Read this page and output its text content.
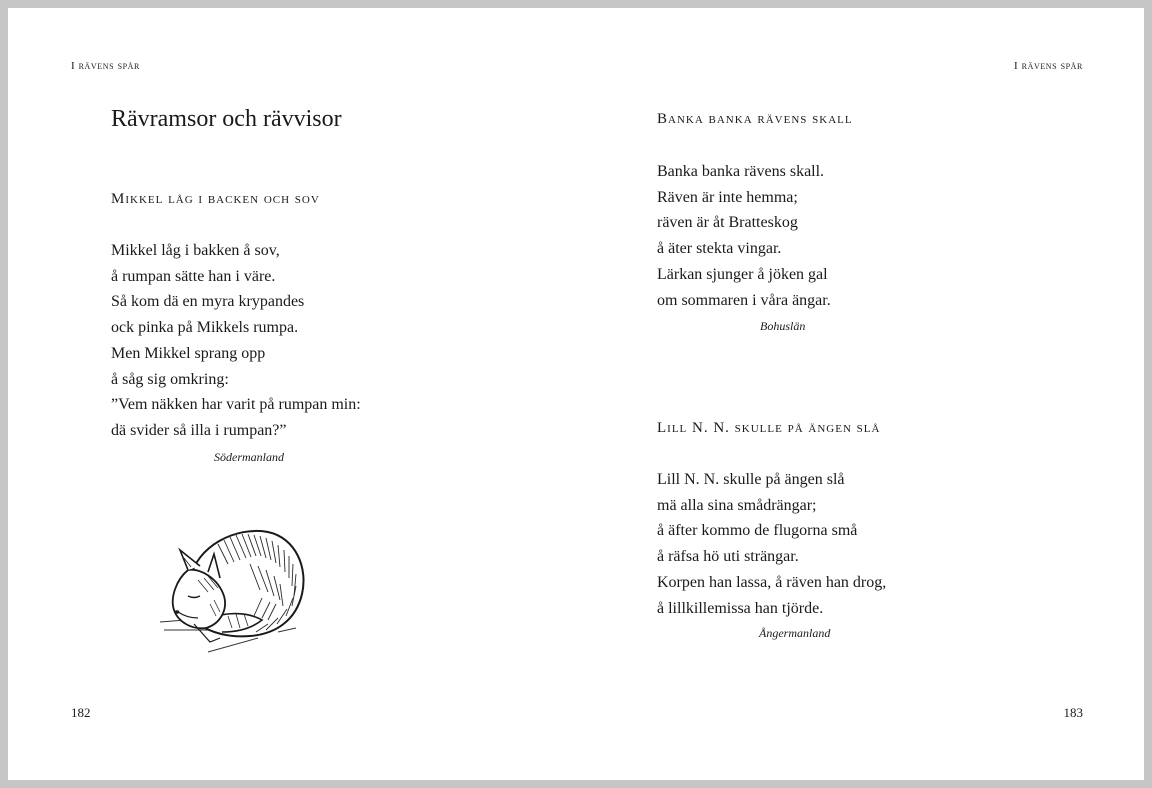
I rävens spår
Rävramsor och rävvisor
Mikkel låg i backen och sov
Mikkel låg i bakken å sov,
å rumpan sätte han i väre.
Så kom dä en myra krypandes
ock pinka på Mikkels rumpa.
Men Mikkel sprang opp
å såg sig omkring:
”Vem näkken har varit på rumpan min:
dä svider så illa i rumpan?”
Södermanland
182
I rävens spår
Banka banka rävens skall
Banka banka rävens skall.
Räven är inte hemma;
räven är åt Bratteskog
å äter stekta vingar.
Lärkan sjunger å jöken gal
om sommaren i våra ängar.
Bohuslän
Lill N. N. skulle på ängen slå
Lill N. N. skulle på ängen slå
mä alla sina smådrängar;
å äfter kommo de flugorna små
å räfsa hö uti strängar.
Korpen han lassa, å räven han drog,
å lillkillemissa han tjörde.
Ångermanland
183
